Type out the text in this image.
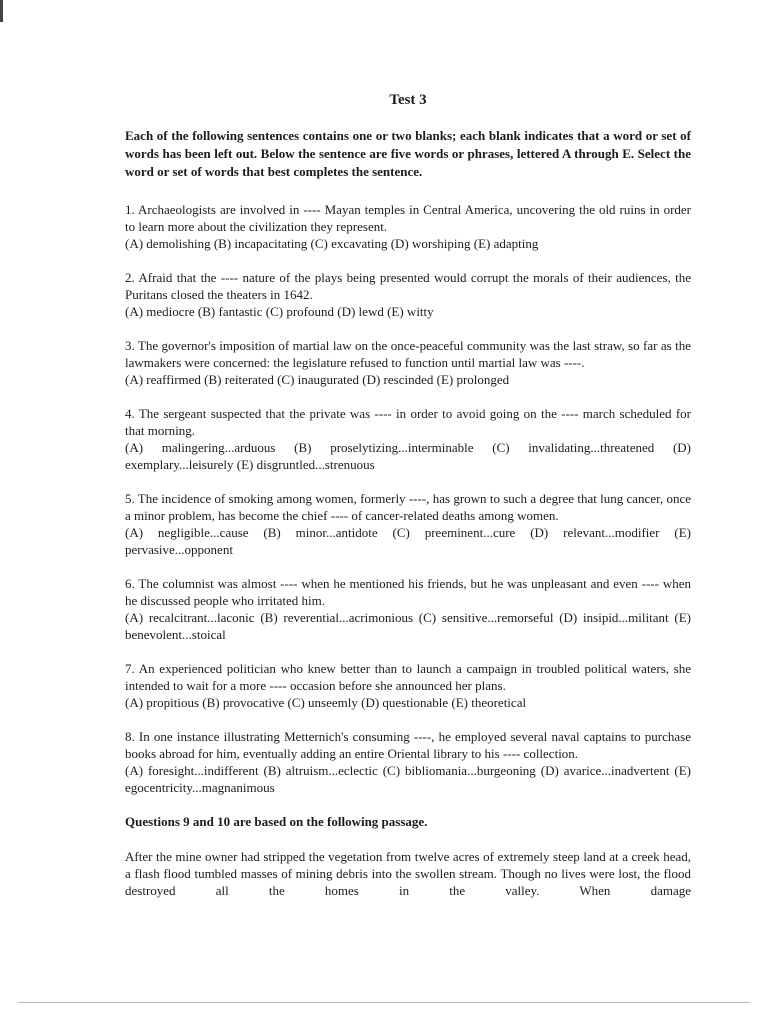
Test 3
Each of the following sentences contains one or two blanks; each blank indicates that a word or set of words has been left out. Below the sentence are five words or phrases, lettered A through E. Select the word or set of words that best completes the sentence.
1. Archaeologists are involved in ---- Mayan temples in Central America, uncovering the old ruins in order to learn more about the civilization they represent.
(A) demolishing (B) incapacitating (C) excavating (D) worshiping (E) adapting
2. Afraid that the ---- nature of the plays being presented would corrupt the morals of their audiences, the Puritans closed the theaters in 1642.
(A) mediocre (B) fantastic (C) profound (D) lewd (E) witty
3. The governor's imposition of martial law on the once-peaceful community was the last straw, so far as the lawmakers were concerned: the legislature refused to function until martial law was ----.
(A) reaffirmed (B) reiterated (C) inaugurated (D) rescinded (E) prolonged
4. The sergeant suspected that the private was ---- in order to avoid going on the ---- march scheduled for that morning.
(A) malingering...arduous (B) proselytizing...interminable (C) invalidating...threatened (D) exemplary...leisurely (E) disgruntled...strenuous
5. The incidence of smoking among women, formerly ----, has grown to such a degree that lung cancer, once a minor problem, has become the chief ---- of cancer-related deaths among women.
(A) negligible...cause (B) minor...antidote (C) preeminent...cure (D) relevant...modifier (E) pervasive...opponent
6. The columnist was almost ---- when he mentioned his friends, but he was unpleasant and even ---- when he discussed people who irritated him.
(A) recalcitrant...laconic (B) reverential...acrimonious (C) sensitive...remorseful (D) insipid...militant (E) benevolent...stoical
7. An experienced politician who knew better than to launch a campaign in troubled political waters, she intended to wait for a more ---- occasion before she announced her plans.
(A) propitious (B) provocative (C) unseemly (D) questionable (E) theoretical
8. In one instance illustrating Metternich's consuming ----, he employed several naval captains to purchase books abroad for him, eventually adding an entire Oriental library to his ---- collection.
(A) foresight...indifferent (B) altruism...eclectic (C) bibliomania...burgeoning (D) avarice...inadvertent (E) egocentricity...magnanimous
Questions 9 and 10 are based on the following passage.
After the mine owner had stripped the vegetation from twelve acres of extremely steep land at a creek head, a flash flood tumbled masses of mining debris into the swollen stream. Though no lives were lost, the flood destroyed all the homes in the valley. When damage
